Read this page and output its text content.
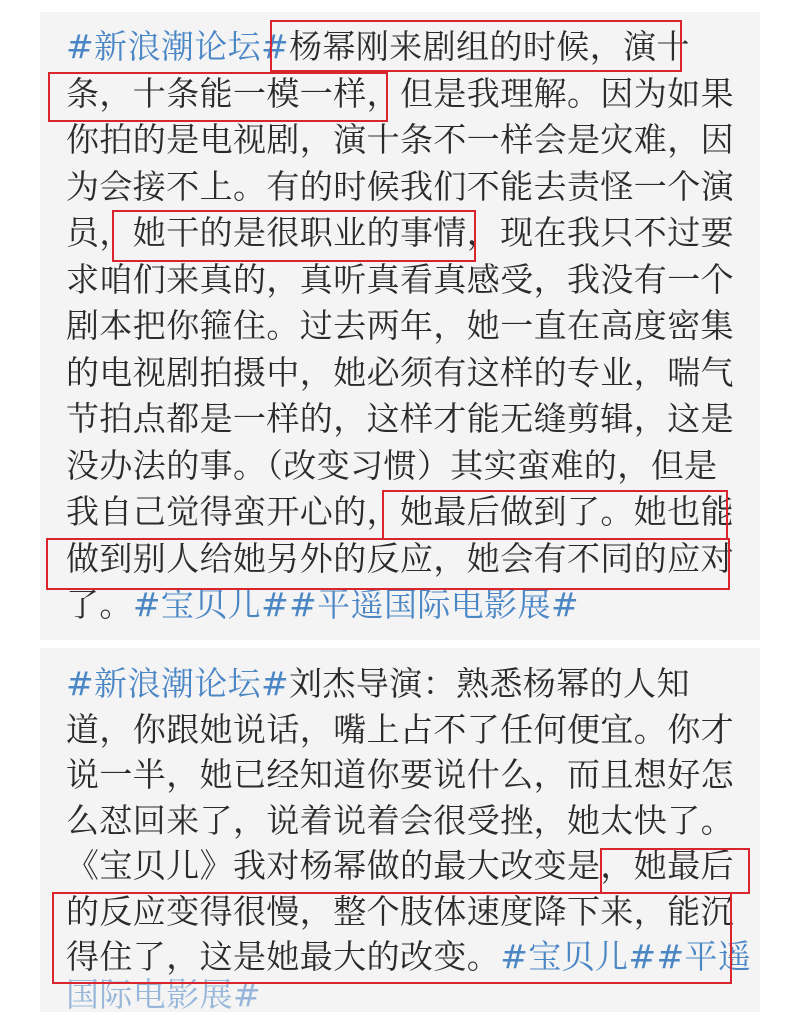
#新浪潮论坛#杨幂刚来剧组的时候，演十
条，十条能一模一样，但是我理解。因为如果
你拍的是电视剧，演十条不一样会是灾难，因
为会接不上。有的时候我们不能去责怪一个演
员，她干的是很职业的事情，现在我只不过要
求咱们来真的，真听真看真感受，我没有一个
剧本把你箍住。过去两年，她一直在高度密集
的电视剧拍摄中，她必须有这样的专业，喘气
节拍点都是一样的，这样才能无缝剪辑，这是
没办法的事。（改变习惯）其实蛮难的，但是
我自己觉得蛮开心的，她最后做到了。她也能
做到别人给她另外的反应，她会有不同的应对
了。#宝贝儿##平遥国际电影展#
#新浪潮论坛#刘杰导演：熟悉杨幂的人知
道，你跟她说话，嘴上占不了任何便宜。你才
说一半，她已经知道你要说什么，而且想好怎
么怼回来了，说着说着会很受挫，她太快了。
《宝贝儿》我对杨幂做的最大改变是，她最后
的反应变得很慢，整个肢体速度降下来，能沉
得住了，这是她最大的改变。#宝贝儿##平遥
国际电影展#
